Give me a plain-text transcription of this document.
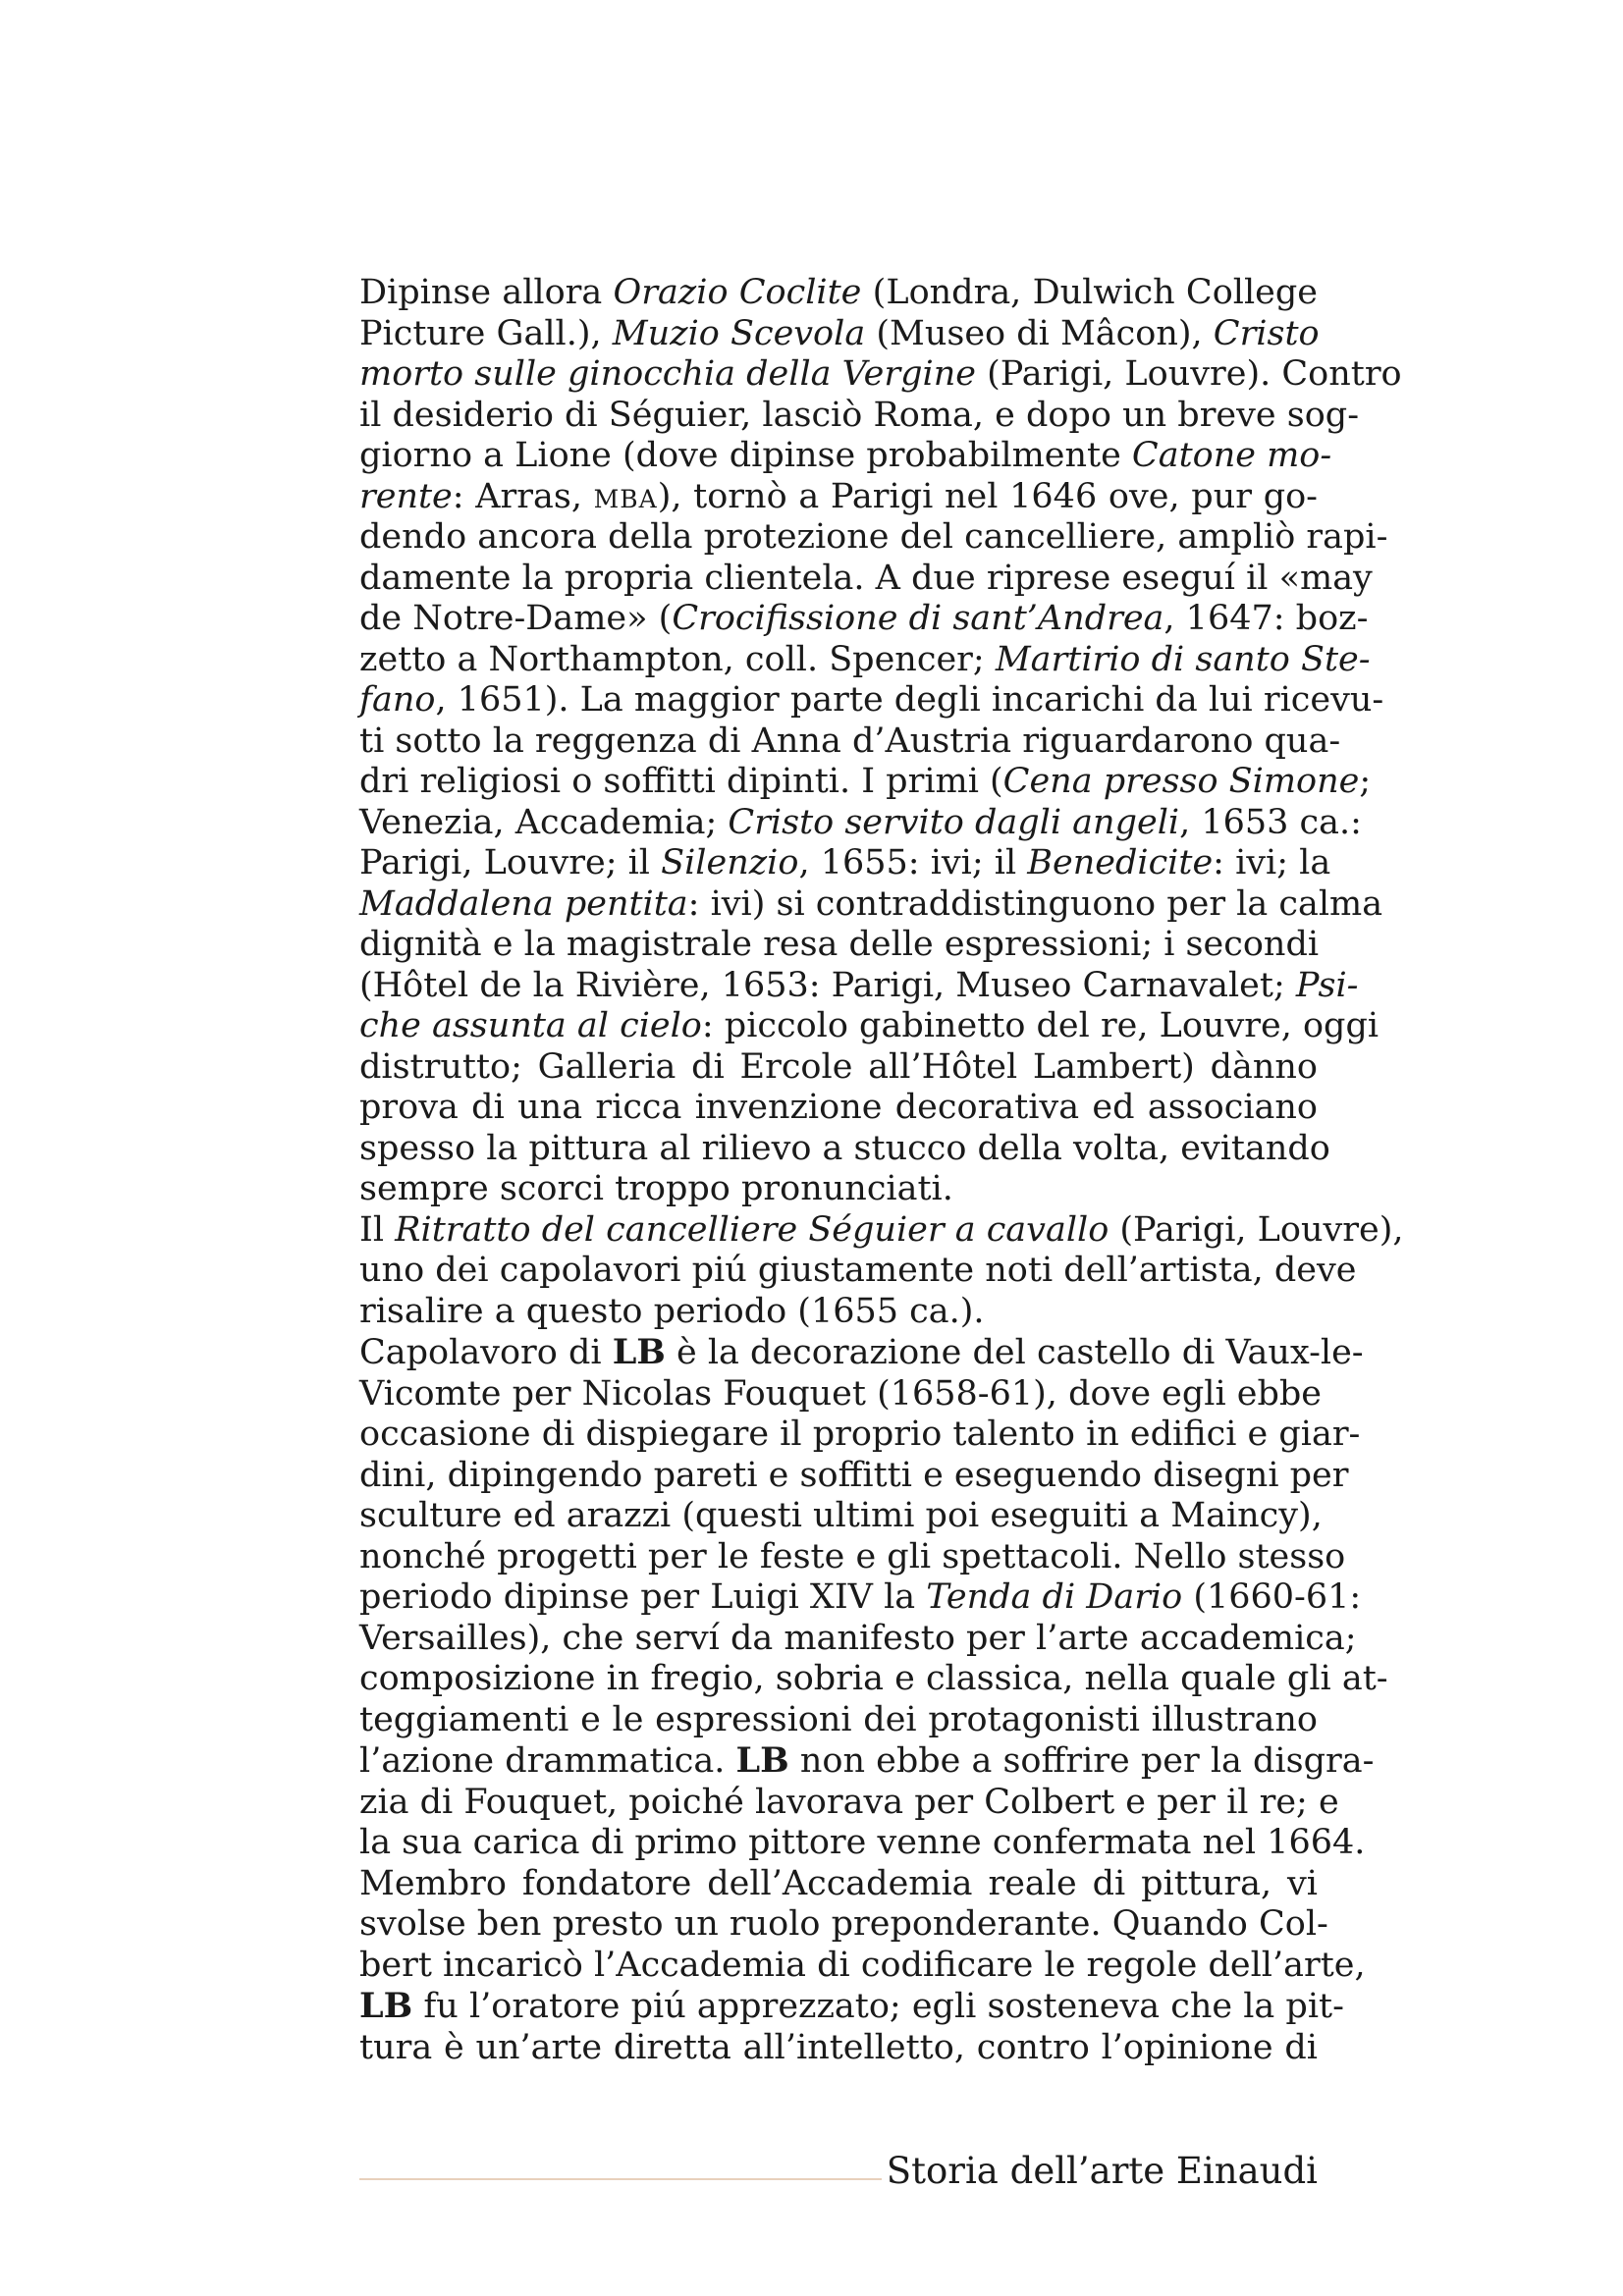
Dipinse allora Orazio Coclite (Londra, Dulwich College
Picture Gall.), Muzio Scevola (Museo di Mâcon), Cristo
morto sulle ginocchia della Vergine (Parigi, Louvre). Contro
il desiderio di Séguier, lasciò Roma, e dopo un breve sog-
giorno a Lione (dove dipinse probabilmente Catone mo-
rente: Arras, mba), tornò a Parigi nel 1646 ove, pur go-
dendo ancora della protezione del cancelliere, ampliò rapi-
damente la propria clientela. A due riprese eseguí il «may
de Notre-Dame» (Crocifissione di sant’Andrea, 1647: boz-
zetto a Northampton, coll. Spencer; Martirio di santo Ste-
fano, 1651). La maggior parte degli incarichi da lui ricevu-
ti sotto la reggenza di Anna d’Austria riguardarono qua-
dri religiosi o soffitti dipinti. I primi (Cena presso Simone;
Venezia, Accademia; Cristo servito dagli angeli, 1653 ca.:
Parigi, Louvre; il Silenzio, 1655: ivi; il Benedicite: ivi; la
Maddalena pentita: ivi) si contraddistinguono per la calma
dignità e la magistrale resa delle espressioni; i secondi
(Hôtel de la Rivière, 1653: Parigi, Museo Carnavalet; Psi-
che assunta al cielo: piccolo gabinetto del re, Louvre, oggi
distrutto; Galleria di Ercole all’Hôtel Lambert) dànno
prova di una ricca invenzione decorativa ed associano
spesso la pittura al rilievo a stucco della volta, evitando
sempre scorci troppo pronunciati.
Il Ritratto del cancelliere Séguier a cavallo (Parigi, Louvre),
uno dei capolavori piú giustamente noti dell’artista, deve
risalire a questo periodo (1655 ca.).
Capolavoro di LB è la decorazione del castello di Vaux-le-
Vicomte per Nicolas Fouquet (1658-61), dove egli ebbe
occasione di dispiegare il proprio talento in edifici e giar-
dini, dipingendo pareti e soffitti e eseguendo disegni per
sculture ed arazzi (questi ultimi poi eseguiti a Maincy),
nonché progetti per le feste e gli spettacoli. Nello stesso
periodo dipinse per Luigi XIV la Tenda di Dario (1660-61:
Versailles), che serví da manifesto per l’arte accademica;
composizione in fregio, sobria e classica, nella quale gli at-
teggiamenti e le espressioni dei protagonisti illustrano
l’azione drammatica. LB non ebbe a soffrire per la disgra-
zia di Fouquet, poiché lavorava per Colbert e per il re; e
la sua carica di primo pittore venne confermata nel 1664.
Membro fondatore dell’Accademia reale di pittura, vi
svolse ben presto un ruolo preponderante. Quando Col-
bert incaricò l’Accademia di codificare le regole dell’arte,
LB fu l’oratore piú apprezzato; egli sosteneva che la pit-
tura è un’arte diretta all’intelletto, contro l’opinione di
Storia dell’arte Einaudi
